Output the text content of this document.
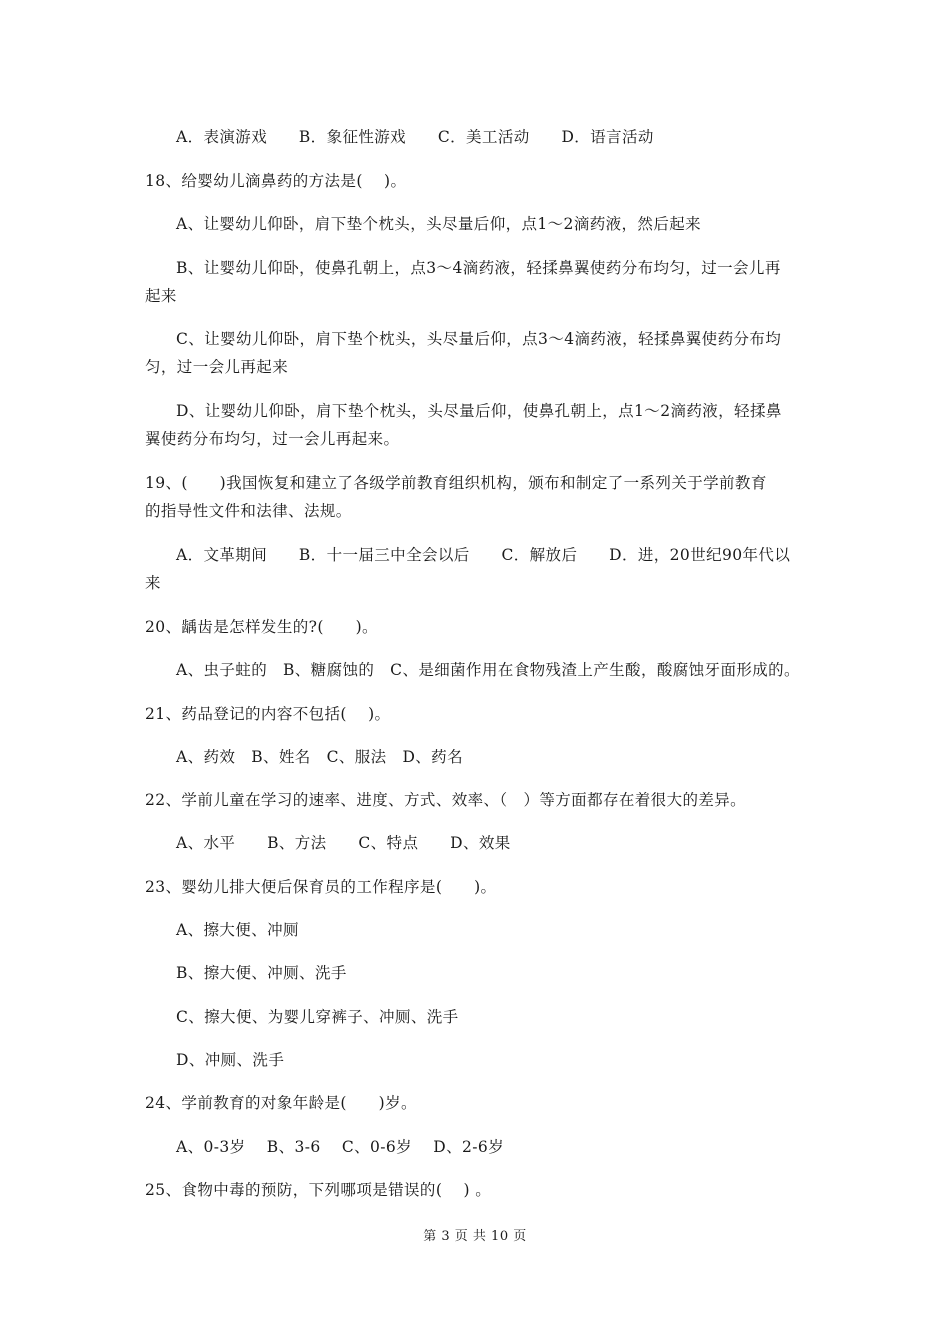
A．表演游戏　　B．象征性游戏　　C．美工活动　　D．语言活动
18、给婴幼儿滴鼻药的方法是(　 )。
A、让婴幼儿仰卧，肩下垫个枕头，头尽量后仰，点1～2滴药液，然后起来
B、让婴幼儿仰卧，使鼻孔朝上，点3～4滴药液，轻揉鼻翼使药分布均匀，过一会儿再
起来
C、让婴幼儿仰卧，肩下垫个枕头，头尽量后仰，点3～4滴药液，轻揉鼻翼使药分布均
匀，过一会儿再起来
D、让婴幼儿仰卧，肩下垫个枕头，头尽量后仰，使鼻孔朝上，点1～2滴药液，轻揉鼻
翼使药分布均匀，过一会儿再起来。
19、(　　)我国恢复和建立了各级学前教育组织机构，颁布和制定了一系列关于学前教育
的指导性文件和法律、法规。
A．文革期间　　B．十一届三中全会以后　　C．解放后　　D．进，20世纪90年代以
来
20、龋齿是怎样发生的?(　　)。
A、虫子蛀的　B、糖腐蚀的　C、是细菌作用在食物残渣上产生酸，酸腐蚀牙面形成的。
21、药品登记的内容不包括(　 )。
A、药效　B、姓名　C、服法　D、药名
22、学前儿童在学习的速率、进度、方式、效率、（　）等方面都存在着很大的差异。
A、水平　　B、方法　　C、特点　　D、效果
23、婴幼儿排大便后保育员的工作程序是(　　)。
A、擦大便、冲厕
B、擦大便、冲厕、洗手
C、擦大便、为婴儿穿裤子、冲厕、洗手
D、冲厕、洗手
24、学前教育的对象年龄是(　　)岁。
A、0-3岁　 B、3-6　 C、0-6岁　 D、2-6岁
25、食物中毒的预防，下列哪项是错误的(　 ) 。
第 3 页 共 10 页
